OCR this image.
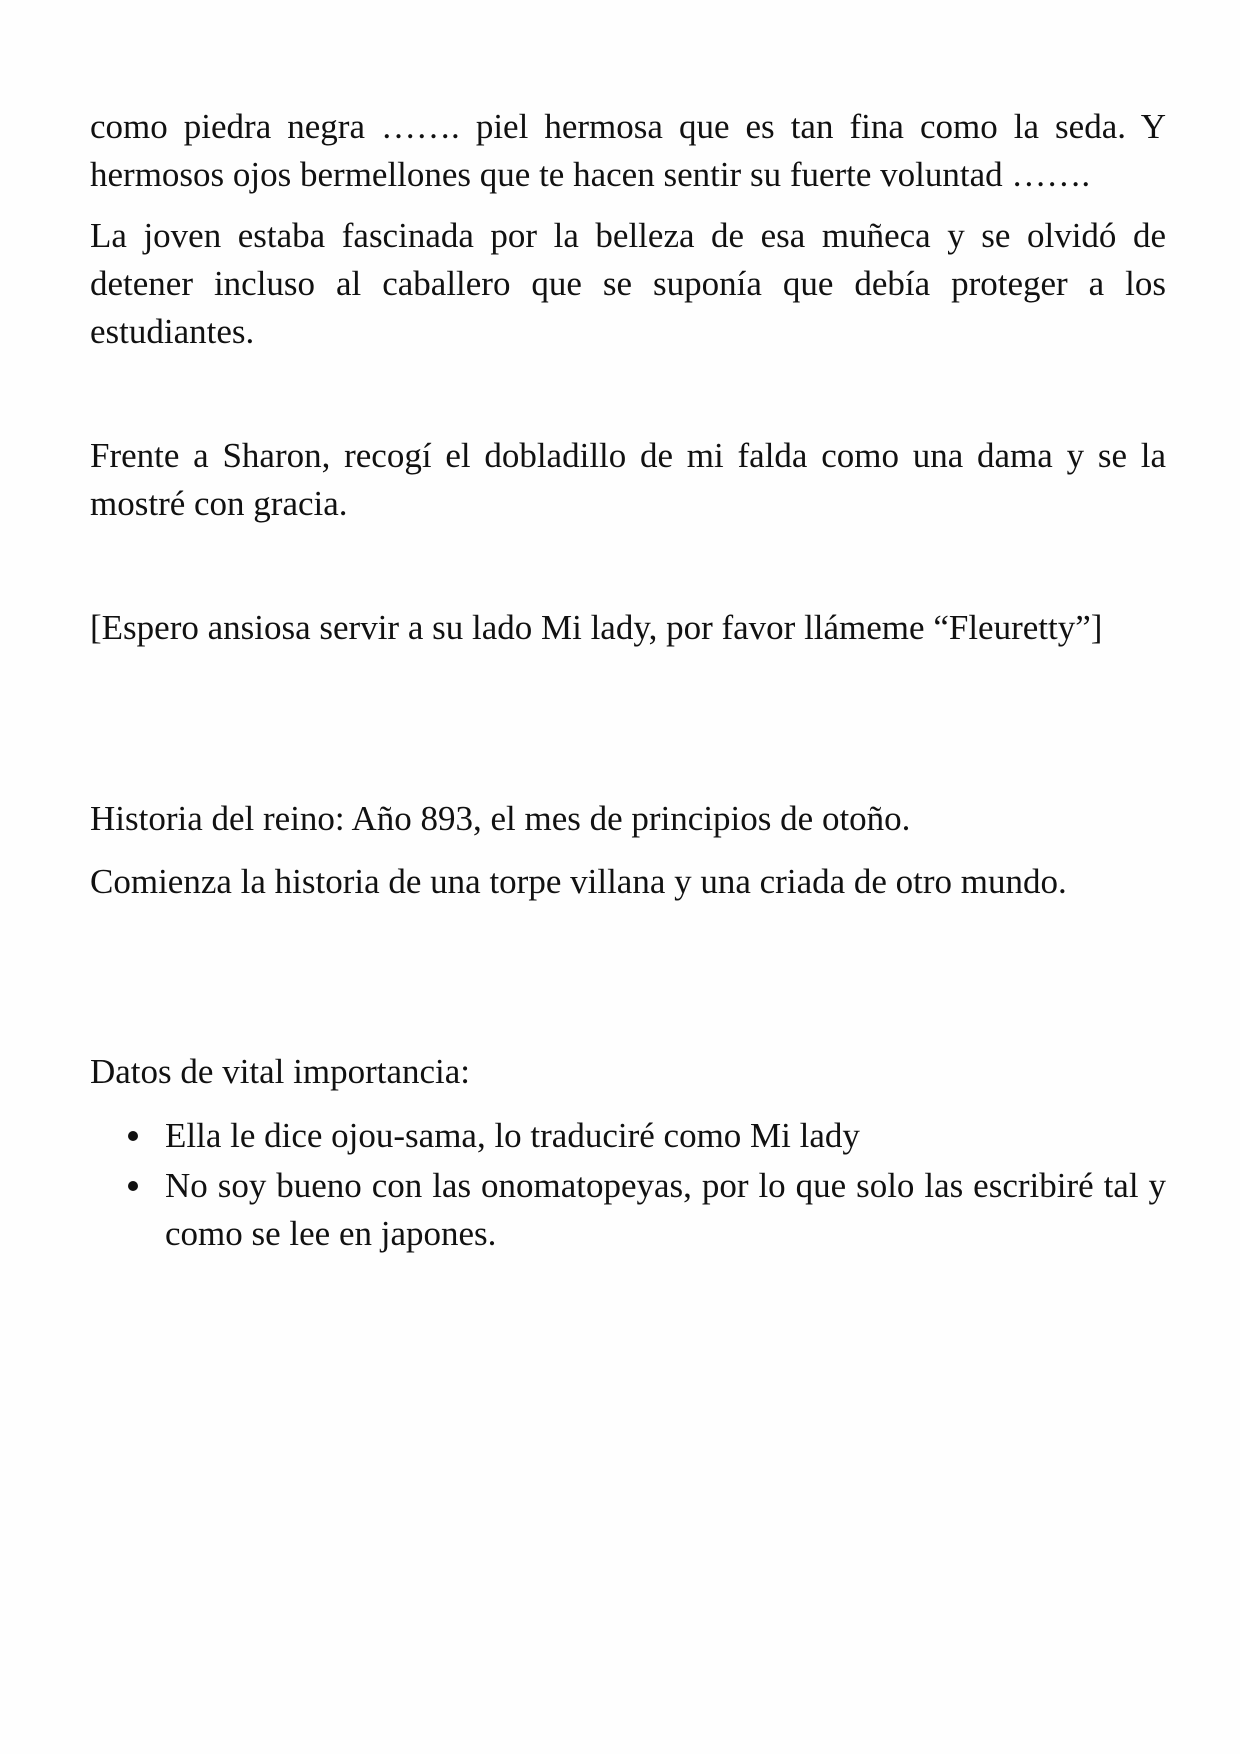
como piedra negra ……. piel hermosa que es tan fina como la seda. Y hermosos ojos bermellones que te hacen sentir su fuerte voluntad …….

La joven estaba fascinada por la belleza de esa muñeca y se olvidó de detener incluso al caballero que se suponía que debía proteger a los estudiantes.

Frente a Sharon, recogí el dobladillo de mi falda como una dama y se la mostré con gracia.

[Espero ansiosa servir a su lado Mi lady, por favor llámeme “Fleuretty”]

Historia del reino: Año 893, el mes de principios de otoño.

Comienza la historia de una torpe villana y una criada de otro mundo.

Datos de vital importancia:

Ella le dice ojou-sama, lo traduciré como Mi lady
No soy bueno con las onomatopeyas, por lo que solo las escribiré tal y como se lee en japones.
